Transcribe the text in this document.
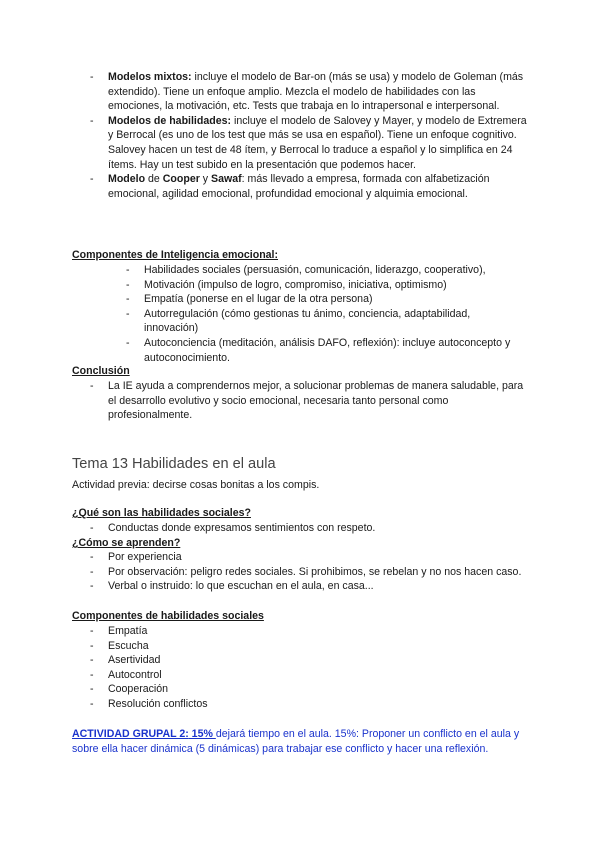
- Modelos mixtos: incluye el modelo de Bar-on (más se usa) y modelo de Goleman (más extendido). Tiene un enfoque amplio. Mezcla el modelo de habilidades con las emociones, la motivación, etc. Tests que trabaja en lo intrapersonal e interpersonal.
- Modelos de habilidades: incluye el modelo de Salovey y Mayer, y modelo de Extremera y Berrocal (es uno de los test que más se usa en español). Tiene un enfoque cognitivo. Salovey hacen un test de 48 ítem, y Berrocal lo traduce a español y lo simplifica en 24 ítems. Hay un test subido en la presentación que podemos hacer.
- Modelo de Cooper y Sawaf: más llevado a empresa, formada con alfabetización emocional, agilidad emocional, profundidad emocional y alquimia emocional.
Componentes de Inteligencia emocional:
- Habilidades sociales (persuasión, comunicación, liderazgo, cooperativo),
- Motivación (impulso de logro, compromiso, iniciativa, optimismo)
- Empatía (ponerse en el lugar de la otra persona)
- Autorregulación (cómo gestionas tu ánimo, conciencia, adaptabilidad, innovación)
- Autoconciencia (meditación, análisis DAFO, reflexión): incluye autoconcepto y autoconocimiento.
Conclusión
- La IE ayuda a comprendernos mejor, a solucionar problemas de manera saludable, para el desarrollo evolutivo y socio emocional, necesaria tanto personal como profesionalmente.
Tema 13 Habilidades en el aula
Actividad previa: decirse cosas bonitas a los compis.
¿Qué son las habilidades sociales?
- Conductas donde expresamos sentimientos con respeto.
¿Cómo se aprenden?
- Por experiencia
- Por observación: peligro redes sociales. Si prohibimos, se rebelan y no nos hacen caso.
- Verbal o instruido: lo que escuchan en el aula, en casa...
Componentes de habilidades sociales
- Empatía
- Escucha
- Asertividad
- Autocontrol
- Cooperación
- Resolución conflictos
ACTIVIDAD GRUPAL 2: 15% dejará tiempo en el aula. 15%: Proponer un conflicto en el aula y sobre ella hacer dinámica (5 dinámicas) para trabajar ese conflicto y hacer una reflexión.
